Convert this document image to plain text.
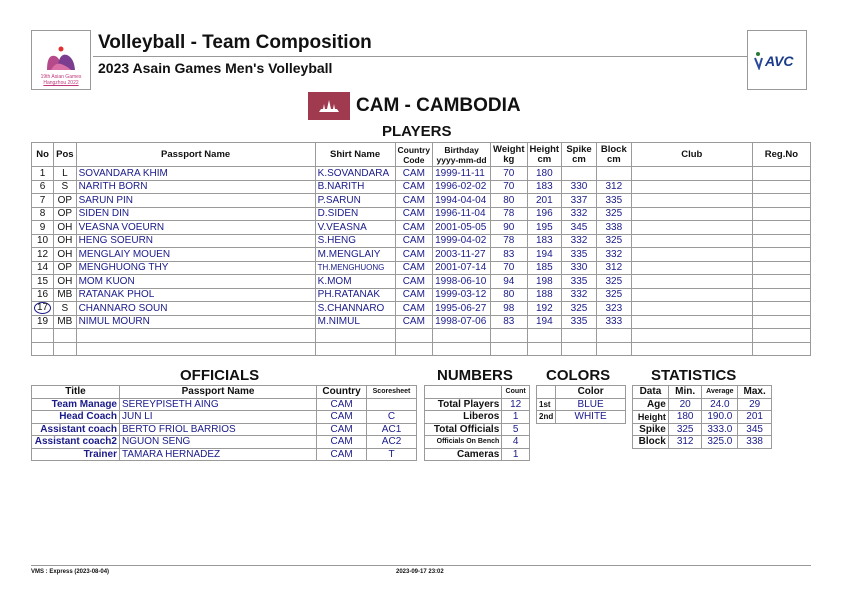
19th Asian Games
Hangzhou 2022
Volleyball - Team Composition
2023 Asain Games Men's Volleyball	AVC
CAM - CAMBODIA
PLAYERS
No	Pos	Passport Name	Shirt Name	Country Code	Birthday yyyy-mm-dd	Weight kg	Height cm	Spike cm	Block cm	Club	Reg.No
1	L	SOVANDARA KHIM	K.SOVANDARA	CAM	1999-11-11	70	180				
6	S	NARITH BORN	B.NARITH	CAM	1996-02-02	70	183	330	312		
7	OP	SARUN PIN	P.SARUN	CAM	1994-04-04	80	201	337	335		
8	OP	SIDEN DIN	D.SIDEN	CAM	1996-11-04	78	196	332	325		
9	OH	VEASNA VOEURN	V.VEASNA	CAM	2001-05-05	90	195	345	338		
10	OH	HENG SOEURN	S.HENG	CAM	1999-04-02	78	183	332	325		
12	OH	MENGLAIY MOUEN	M.MENGLAIY	CAM	2003-11-27	83	194	335	332		
14	OP	MENGHUONG THY	TH.MENGHUONG	CAM	2001-07-14	70	185	330	312		
15	OH	MOM KUON	K.MOM	CAM	1998-06-10	94	198	335	325		
16	MB	RATANAK PHOL	PH.RATANAK	CAM	1999-03-12	80	188	332	325		
17	S	CHANNARO SOUN	S.CHANNARO	CAM	1995-06-27	98	192	325	323		
19	MB	NIMUL MOURN	M.NIMUL	CAM	1998-07-06	83	194	335	333		

OFFICIALS	NUMBERS COLORS	STATISTICS
Title	Passport Name	Country	Scoresheet
Team Manage	SEREYPISETH AING	CAM	
Head Coach	JUN LI	CAM	C
Assistant coach	BERTO FRIOL BARRIOS	CAM	AC1
Assistant coach2	NGUON SENG	CAM	AC2
Trainer	TAMARA HERNADEZ	CAM	T
	Count
Total Players	12
Liberos	1
Total Officials	5
Officials On Bench	4
Cameras	1
	Color
1st	BLUE
2nd	WHITE
Data	Min.	Average	Max.
Age	20	24.0	29
Height	180	190.0	201
Spike	325	333.0	345
Block	312	325.0	338
VMS : Express (2023-08-04)	2023-09-17 23:02
